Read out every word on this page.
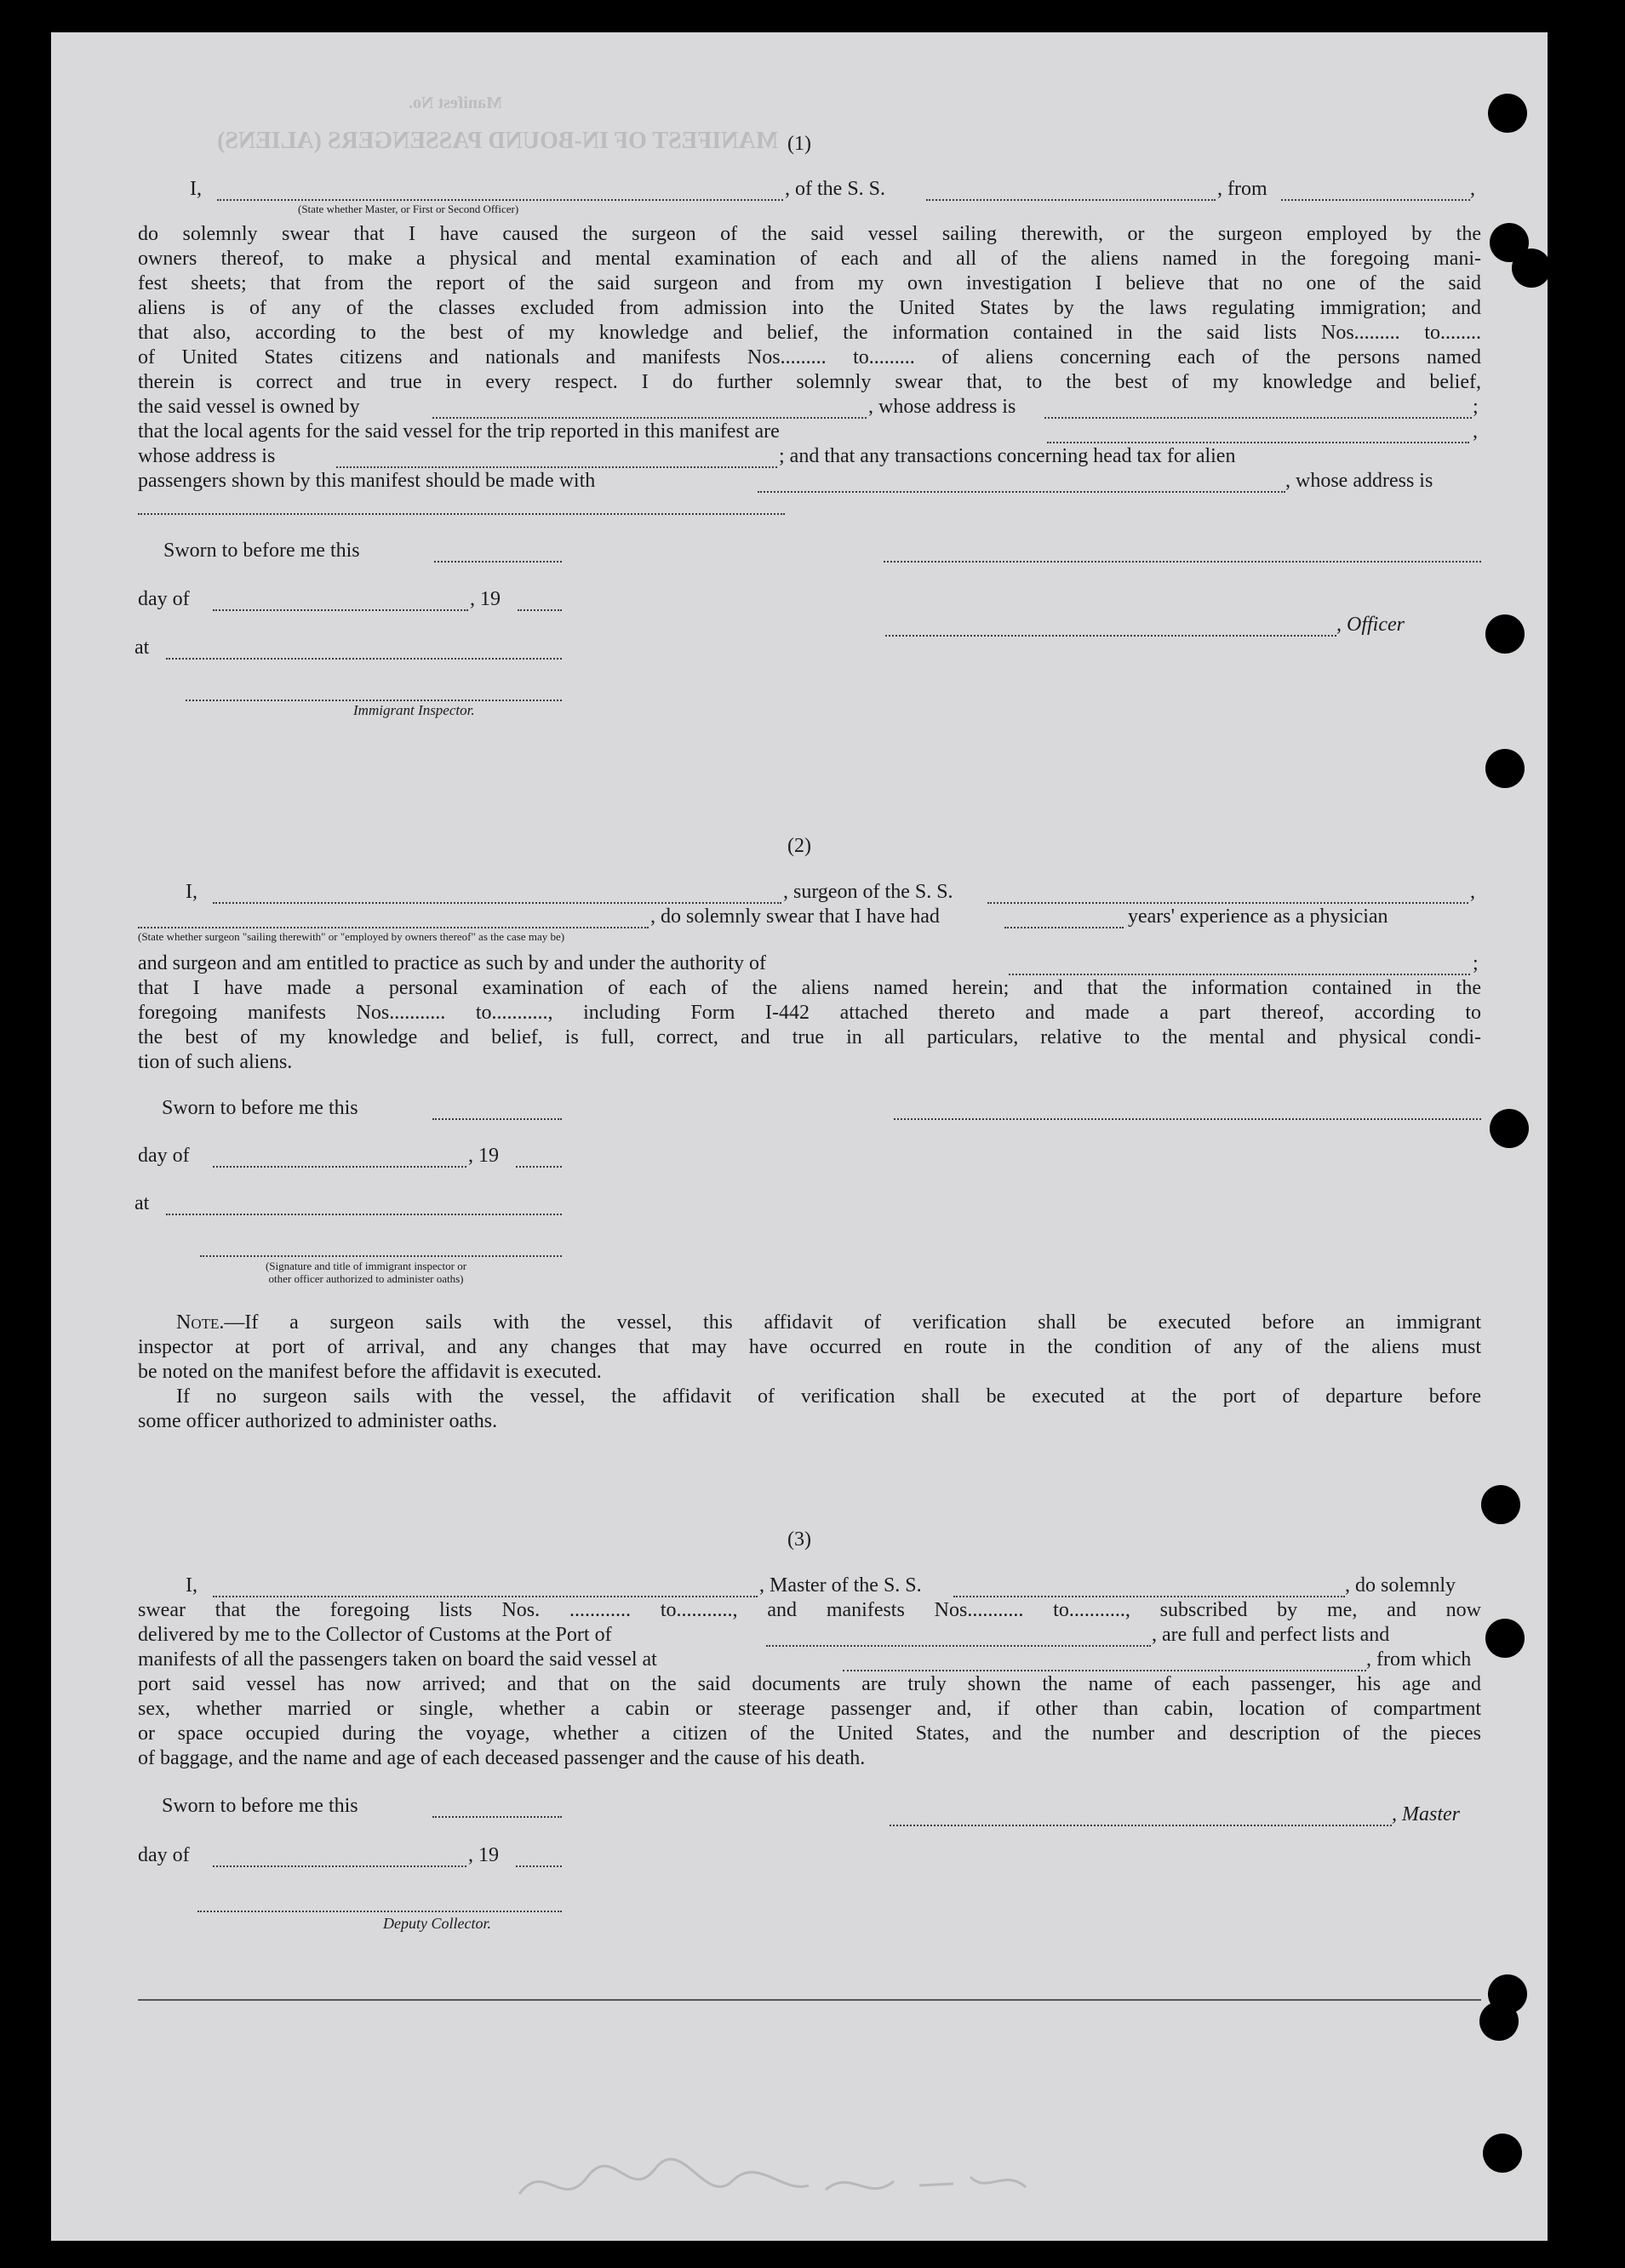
MANIFEST OF IN-BOUND PASSENGERS (ALIENS)
Manifest No.
(1)
I,	, of the S. S.	, from	,
(State whether Master, or First or Second Officer)
do solemnly swear that I have caused the surgeon of the said vessel sailing therewith, or the surgeon employed by the
owners thereof, to make a physical and mental examination of each and all of the aliens named in the foregoing mani-
fest sheets; that from the report of the said surgeon and from my own investigation I believe that no one of the said
aliens is of any of the classes excluded from admission into the United States by the laws regulating immigration; and
that also, according to the best of my knowledge and belief, the information contained in the said lists Nos......... to........
of United States citizens and nationals and manifests Nos......... to......... of aliens concerning each of the persons named
therein is correct and true in every respect. I do further solemnly swear that, to the best of my knowledge and belief,
the said vessel is owned by	, whose address is	;
that the local agents for the said vessel for the trip reported in this manifest are	,
whose address is	; and that any transactions concerning head tax for alien
passengers shown by this manifest should be made with	, whose address is
Sworn to before me this
day of	, 19
, Officer
at
Immigrant Inspector.
(2)
I,	, surgeon of the S. S.	,
, do solemnly swear that I have had	years' experience as a physician
(State whether surgeon "sailing therewith" or "employed by owners thereof" as the case may be)
and surgeon and am entitled to practice as such by and under the authority of	;
that I have made a personal examination of each of the aliens named herein; and that the information contained in the
foregoing manifests Nos........... to..........., including Form I-442 attached thereto and made a part thereof, according to
the best of my knowledge and belief, is full, correct, and true in all particulars, relative to the mental and physical condi-
tion of such aliens.
Sworn to before me this
day of	, 19
at
(Signature and title of immigrant inspector or other officer authorized to administer oaths)
Note.—If a surgeon sails with the vessel, this affidavit of verification shall be executed before an immigrant
inspector at port of arrival, and any changes that may have occurred en route in the condition of any of the aliens must
be noted on the manifest before the affidavit is executed.
If no surgeon sails with the vessel, the affidavit of verification shall be executed at the port of departure before
some officer authorized to administer oaths.
(3)
I,	, Master of the S. S.	, do solemnly
swear that the foregoing lists Nos. ............ to..........., and manifests Nos........... to..........., subscribed by me, and now
delivered by me to the Collector of Customs at the Port of	, are full and perfect lists and
manifests of all the passengers taken on board the said vessel at	, from which
port said vessel has now arrived; and that on the said documents are truly shown the name of each passenger, his age and
sex, whether married or single, whether a cabin or steerage passenger and, if other than cabin, location of compartment
or space occupied during the voyage, whether a citizen of the United States, and the number and description of the pieces
of baggage, and the name and age of each deceased passenger and the cause of his death.
Sworn to before me this	, Master
day of	, 19
Deputy Collector.
